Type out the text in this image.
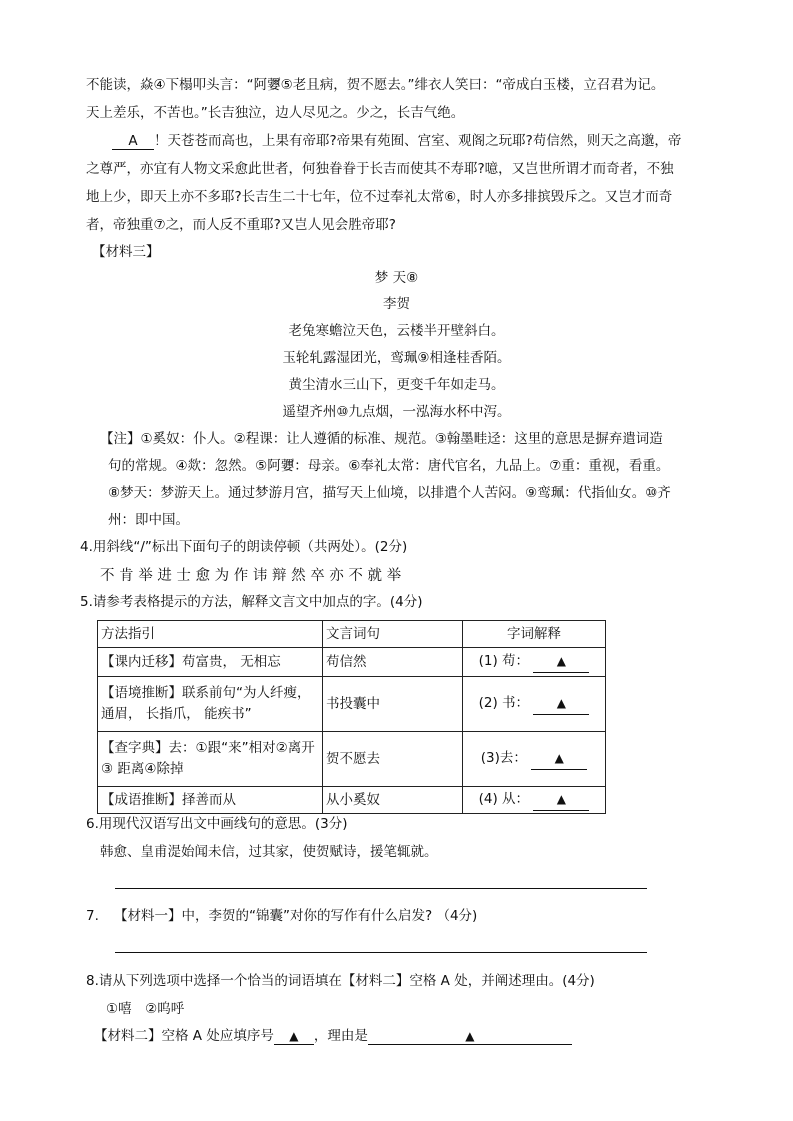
不能读，焱④下榻叩头言：“阿㜷⑤老且病，贺不愿去。”绯衣人笑曰：“帝成白玉楼，立召君为记。
天上差乐，不苦也。”长吉独泣，边人尽见之。少之，长吉气绝。
A ！天苍苍而高也，上果有帝耶?帝果有苑囿、宫室、观阁之玩耶?苟信然，则天之高邈，帝
之尊严，亦宜有人物文采愈此世者，何独眷眷于长吉而使其不寿耶?噫，又岂世所谓才而奇者，不独
地上少，即天上亦不多耶?长吉生二十七年，位不过奉礼太常⑥，时人亦多排摈毁斥之。又岂才而奇
者，帝独重⑦之，而人反不重耶?又岂人见会胜帝耶?
【材料三】
梦 天⑧
李贺
老兔寒蟾泣天色，云楼半开壁斜白。
玉轮轧露湿团光，鸾珮⑨相逢桂香陌。
黄尘清水三山下，更变千年如走马。
遥望齐州⑩九点烟，一泓海水杯中泻。
【注】①奚奴：仆人。②程课：让人遵循的标准、规范。③翰墨畦迳：这里的意思是摒弃遣词造
句的常规。④欻：忽然。⑤阿㜷：母亲。⑥奉礼太常：唐代官名，九品上。⑦重：重视，看重。
⑧梦天：梦游天上。通过梦游月宫，描写天上仙境，以排遣个人苦闷。⑨鸾珮：代指仙女。⑩齐
州：即中国。
4.用斜线“/”标出下面句子的朗读停顿（共两处）。(2分)
不 肯 举 进 士 愈 为 作 讳 辩 然 卒 亦 不 就 举
5.请参考表格提示的方法，解释文言文中加点的字。(4分)
方法指引	文言词句	字词解释
【课内迁移】苟富贵， 无相忘	苟信然	(1) 苟： ▲
【语境推断】联系前句“为人纤瘦，通眉， 长指爪， 能疾书”	书投囊中	(2) 书： ▲
【查字典】去：①跟“来”相对②离开③ 距离④除掉	贺不愿去	(3)去： ▲
【成语推断】择善而从	从小奚奴	(4) 从： ▲
6.用现代汉语写出文中画线句的意思。(3分)
韩愈、皇甫湜始闻未信，过其家，使贺赋诗，援笔辄就。
7. 【材料一】中，李贺的“锦囊”对你的写作有什么启发? （4分)
8.请从下列选项中选择一个恰当的词语填在【材料二】空格 A 处，并阐述理由。(4分)
①嘻　②呜呼
【材料二】空格 A 处应填序号 ▲ ，理由是	▲
